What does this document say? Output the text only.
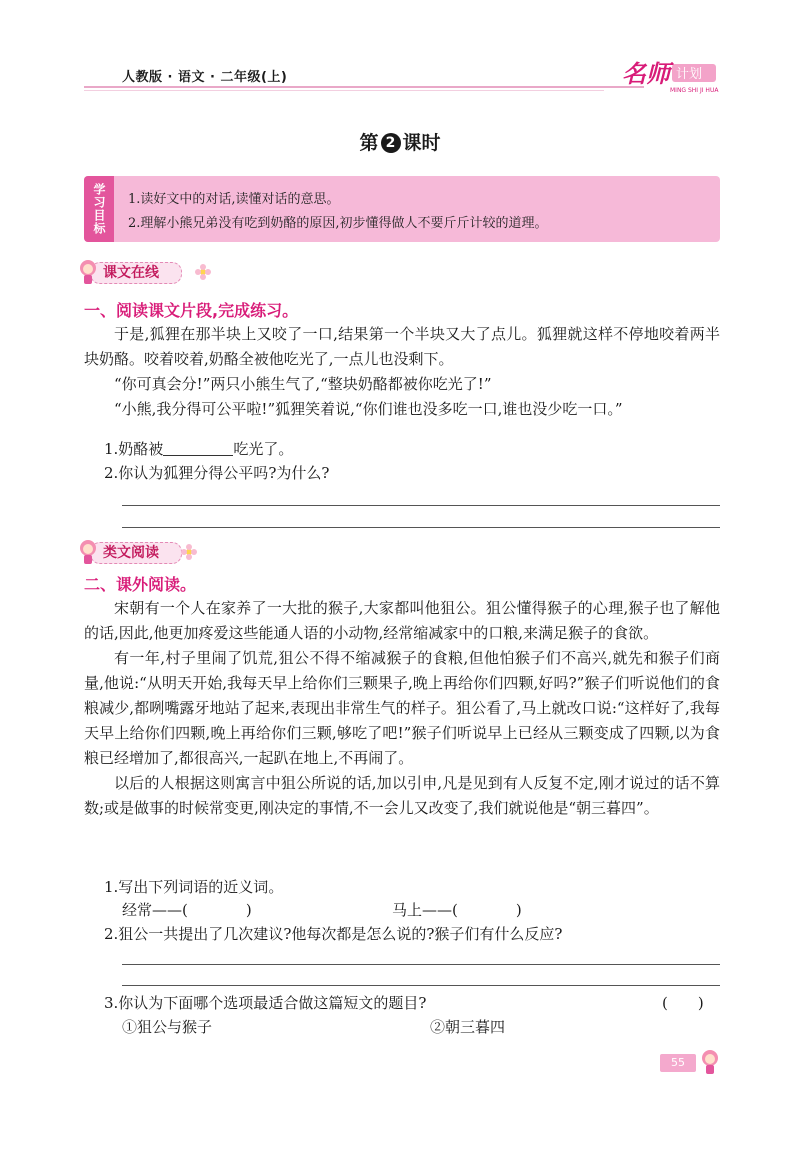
人教版 · 语文 · 二年级(上)	名师 计划
MING SHI JI HUA
第 2 课时
学习目标	1.读好文中的对话,读懂对话的意思。
2.理解小熊兄弟没有吃到奶酪的原因,初步懂得做人不要斤斤计较的道理。
课文在线
一、阅读课文片段,完成练习。

于是,狐狸在那半块上又咬了一口,结果第一个半块又大了点儿。狐狸就这样不停地咬着两半块奶酪。咬着咬着,奶酪全被他吃光了,一点儿也没剩下。

“你可真会分!”两只小熊生气了,“整块奶酪都被你吃光了!”

“小熊,我分得可公平啦!”狐狸笑着说,“你们谁也没多吃一口,谁也没少吃一口。”

1.奶酪被	吃光了。
2.你认为狐狸分得公平吗?为什么?
类文阅读
二、课外阅读。

宋朝有一个人在家养了一大批的猴子,大家都叫他狙公。狙公懂得猴子的心理,猴子也了解他的话,因此,他更加疼爱这些能通人语的小动物,经常缩减家中的口粮,来满足猴子的食欲。

有一年,村子里闹了饥荒,狙公不得不缩减猴子的食粮,但他怕猴子们不高兴,就先和猴子们商量,他说:“从明天开始,我每天早上给你们三颗果子,晚上再给你们四颗,好吗?”猴子们听说他们的食粮减少,都咧嘴露牙地站了起来,表现出非常生气的样子。狙公看了,马上就改口说:“这样好了,我每天早上给你们四颗,晚上再给你们三颗,够吃了吧!”猴子们听说早上已经从三颗变成了四颗,以为食粮已经增加了,都很高兴,一起趴在地上,不再闹了。

以后的人根据这则寓言中狙公所说的话,加以引申,凡是见到有人反复不定,刚才说过的话不算数;或是做事的时候常变更,刚决定的事情,不一会儿又改变了,我们就说他是“朝三暮四”。

1.写出下列词语的近义词。
经常——(	)	马上——(	)
2.狙公一共提出了几次建议?他每次都是怎么说的?猴子们有什么反应?
3.你认为下面哪个选项最适合做这篇短文的题目?	(　　)
①狙公与猴子	②朝三暮四
55
